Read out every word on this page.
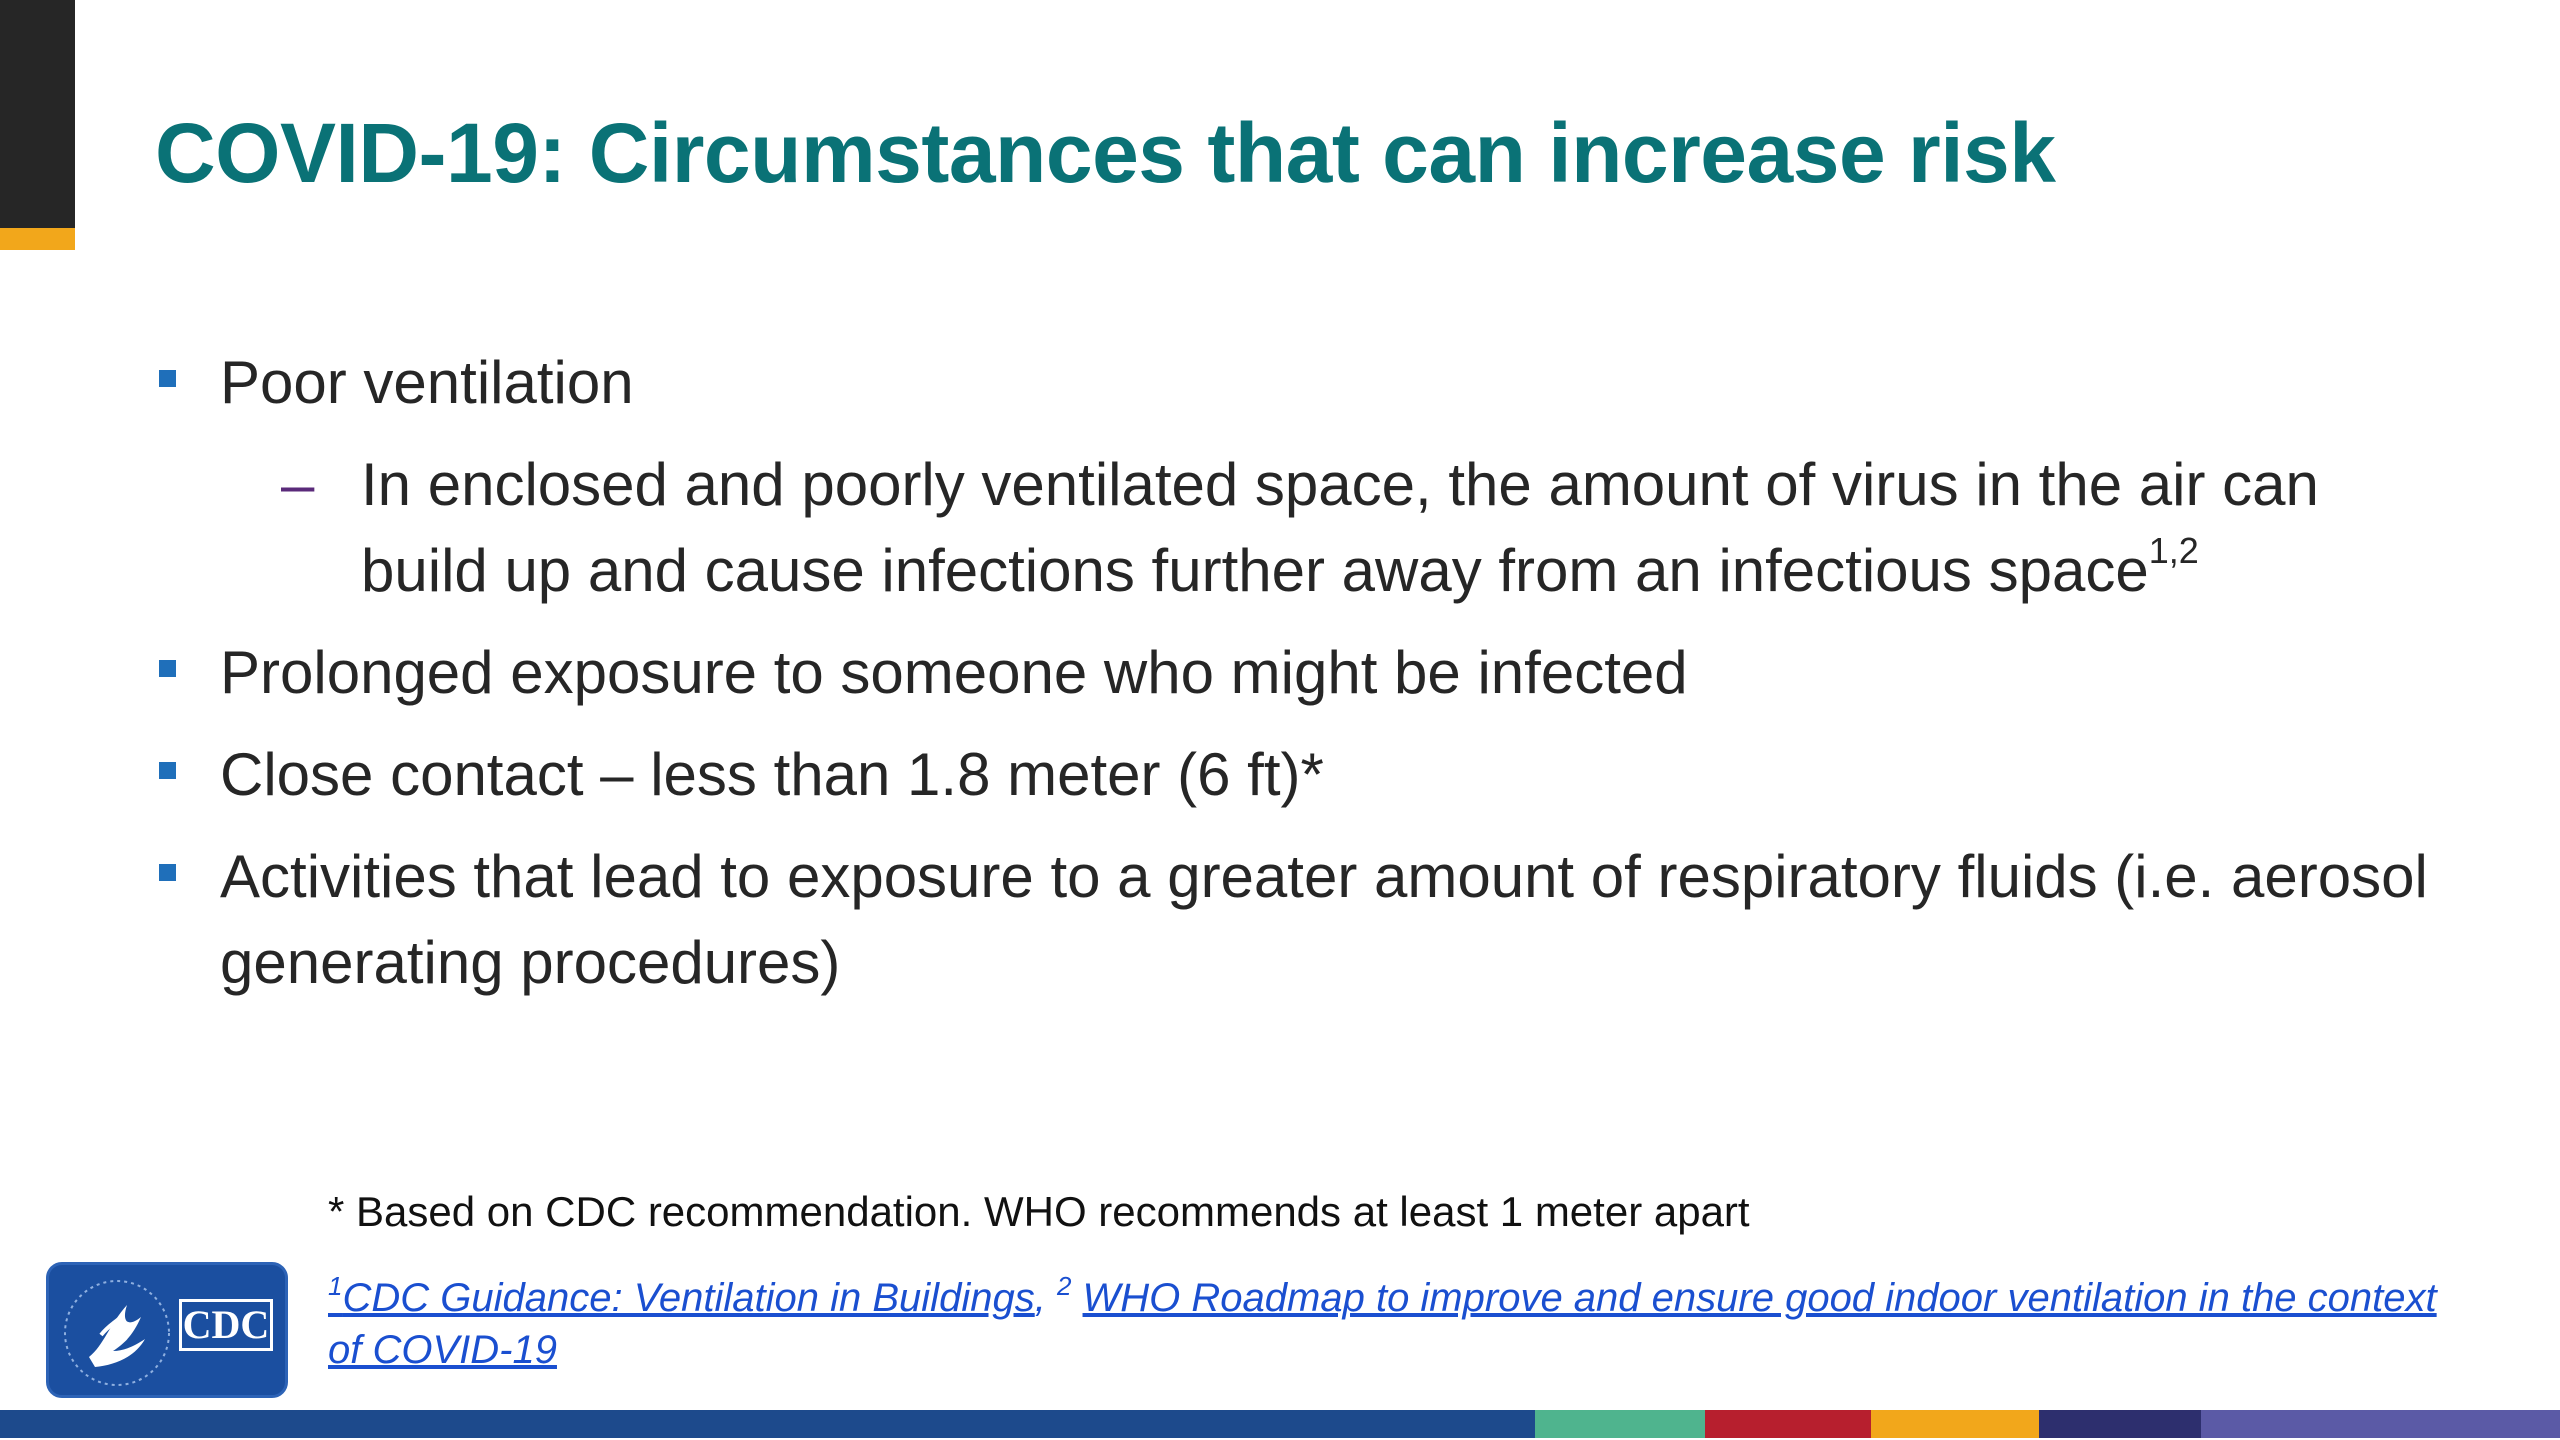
COVID-19: Circumstances that can increase risk
Poor ventilation
– In enclosed and poorly ventilated space, the amount of virus in the air can build up and cause infections further away from an infectious space$^{1,2}$
Prolonged exposure to someone who might be infected
Close contact – less than 1.8 meter (6 ft)*
Activities that lead to exposure to a greater amount of respiratory fluids (i.e. aerosol generating procedures)
* Based on CDC recommendation. WHO recommends at least 1 meter apart
CDC
$^1$CDC Guidance: Ventilation in Buildings, $^2$ WHO Roadmap to improve and ensure good indoor ventilation in the context of COVID-19
